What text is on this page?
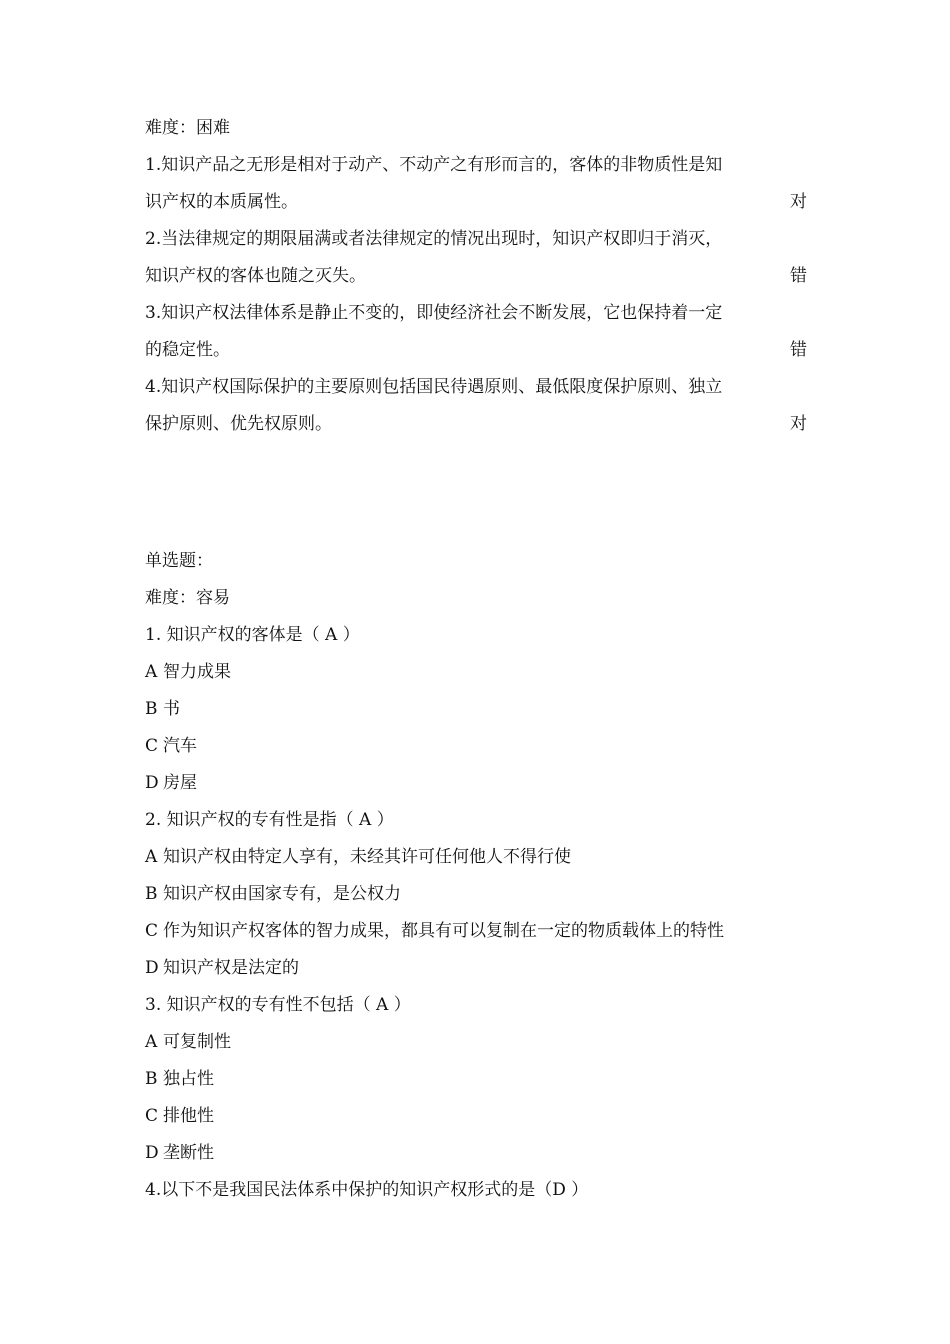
难度：困难
1.知识产品之无形是相对于动产、不动产之有形而言的，客体的非物质性是知
识产权的本质属性。	对
2.当法律规定的期限届满或者法律规定的情况出现时，知识产权即归于消灭，
知识产权的客体也随之灭失。	错
3.知识产权法律体系是静止不变的，即使经济社会不断发展，它也保持着一定
的稳定性。	错
4.知识产权国际保护的主要原则包括国民待遇原则、最低限度保护原则、独立
保护原则、优先权原则。	对
单选题：
难度：容易
1. 知识产权的客体是（ A ）
A 智力成果
B 书
C 汽车
D 房屋
2. 知识产权的专有性是指（ A ）
A 知识产权由特定人享有，未经其许可任何他人不得行使
B 知识产权由国家专有，是公权力
C 作为知识产权客体的智力成果，都具有可以复制在一定的物质载体上的特性
D 知识产权是法定的
3. 知识产权的专有性不包括（ A ）
A 可复制性
B 独占性
C 排他性
D 垄断性
4.以下不是我国民法体系中保护的知识产权形式的是（D ）
